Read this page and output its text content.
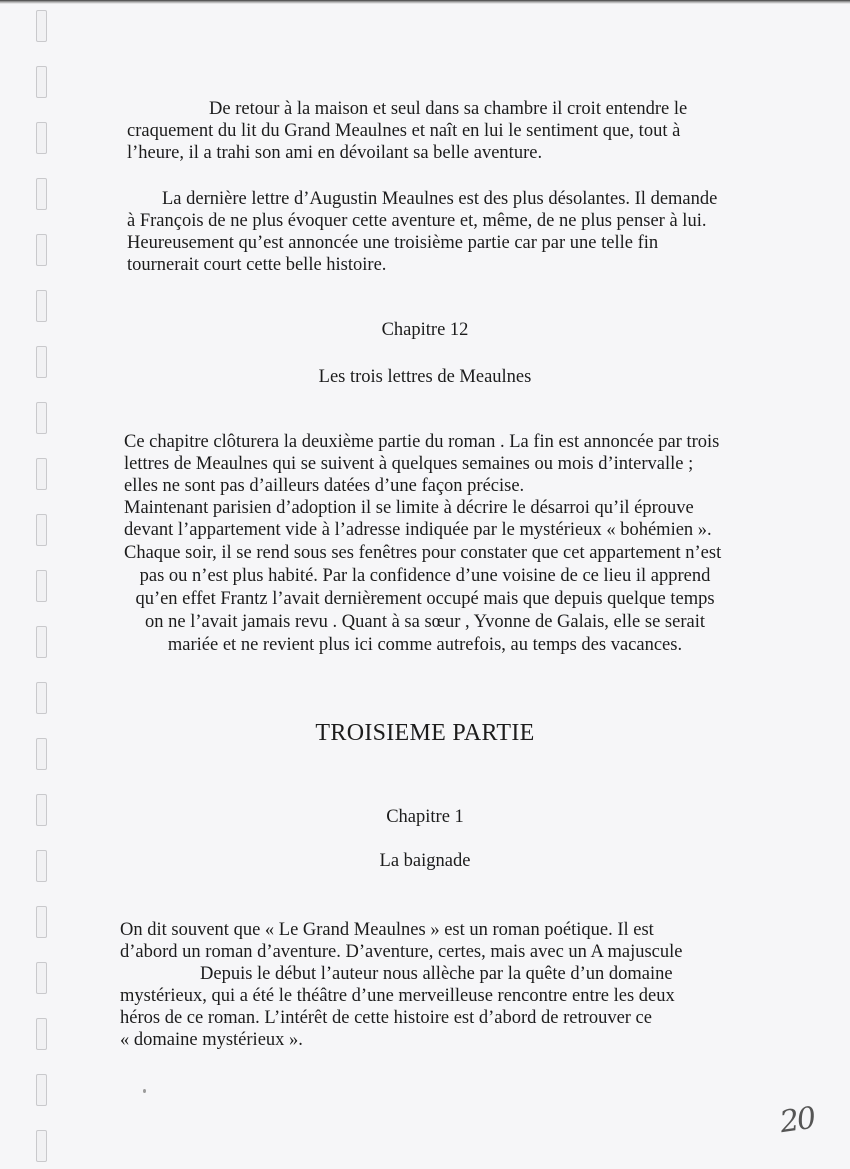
De retour à la maison et seul dans sa chambre il croit entendre le
craquement du lit du Grand Meaulnes et naît en lui le sentiment que, tout à
l’heure, il a trahi son ami en dévoilant sa belle aventure.
La dernière lettre d’Augustin Meaulnes est des plus désolantes. Il demande
à François de ne plus évoquer cette aventure et, même, de ne plus penser à lui.
Heureusement qu’est annoncée une troisième partie car par une telle fin
tournerait court cette belle histoire.
Chapitre 12
Les trois lettres de Meaulnes
Ce chapitre clôturera la deuxième partie du roman . La fin est annoncée par trois
lettres de Meaulnes qui se suivent à quelques semaines ou mois d’intervalle ;
elles ne sont pas d’ailleurs datées d’une façon précise.
Maintenant parisien d’adoption il se limite à décrire le désarroi qu’il éprouve
devant l’appartement vide à l’adresse indiquée par le mystérieux « bohémien ».
Chaque soir, il se rend sous ses fenêtres pour constater que cet appartement n’est
pas ou n’est plus habité. Par la confidence d’une voisine de ce lieu il apprend
qu’en effet Frantz l’avait dernièrement occupé mais que depuis quelque temps
on ne l’avait jamais revu . Quant à sa sœur , Yvonne de Galais, elle se serait
mariée et ne revient plus ici comme autrefois, au temps des vacances.
TROISIEME PARTIE
Chapitre 1
La baignade
On dit souvent que « Le Grand Meaulnes » est un roman poétique. Il est
d’abord un roman d’aventure. D’aventure, certes, mais avec un A majuscule
Depuis le début l’auteur nous allèche par la quête d’un domaine
mystérieux, qui a été le théâtre d’une merveilleuse rencontre entre les deux
héros de ce roman. L’intérêt de cette histoire est d’abord de retrouver ce
« domaine mystérieux ».
20
